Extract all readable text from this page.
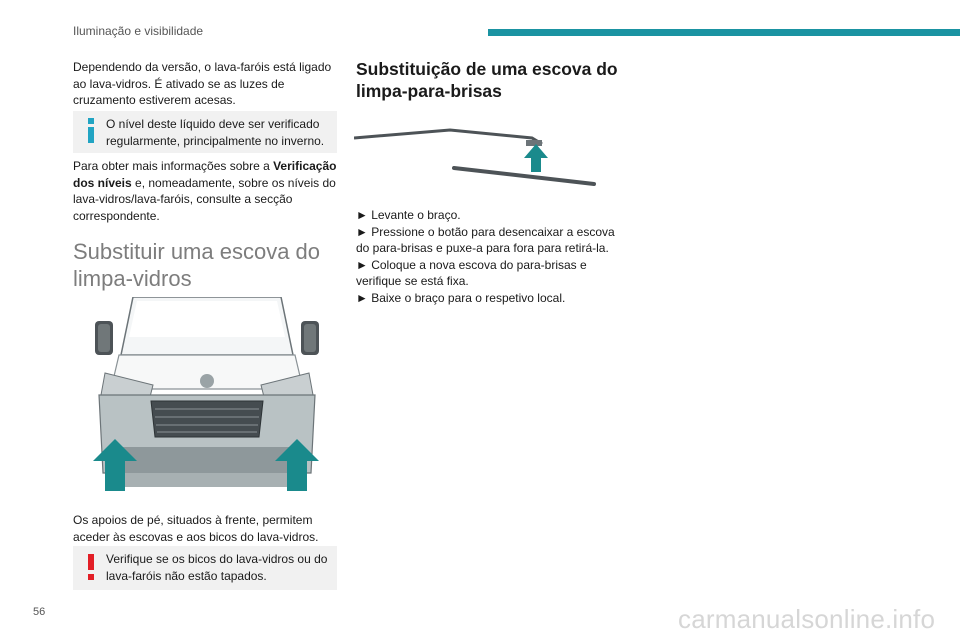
Iluminação e visibilidade

Dependendo da versão, o lava-faróis está ligado ao lava-vidros. É ativado se as luzes de cruzamento estiverem acesas.

O nível deste líquido deve ser verificado regularmente, principalmente no inverno.

Para obter mais informações sobre a Verificação dos níveis e, nomeadamente, sobre os níveis do lava-vidros/lava-faróis, consulte a secção correspondente.

Substituir uma escova do limpa-vidros

Os apoios de pé, situados à frente, permitem aceder às escovas e aos bicos do lava-vidros.

Verifique se os bicos do lava-vidros ou do lava-faróis não estão tapados.
Substituição de uma escova do limpa-para-brisas

► Levante o braço.

► Pressione o botão para desencaixar a escova do para-brisas e puxe-a para fora para retirá-la.

► Coloque a nova escova do para-brisas e verifique se está fixa.

► Baixe o braço para o respetivo local.

56	carmanualsonline.info
